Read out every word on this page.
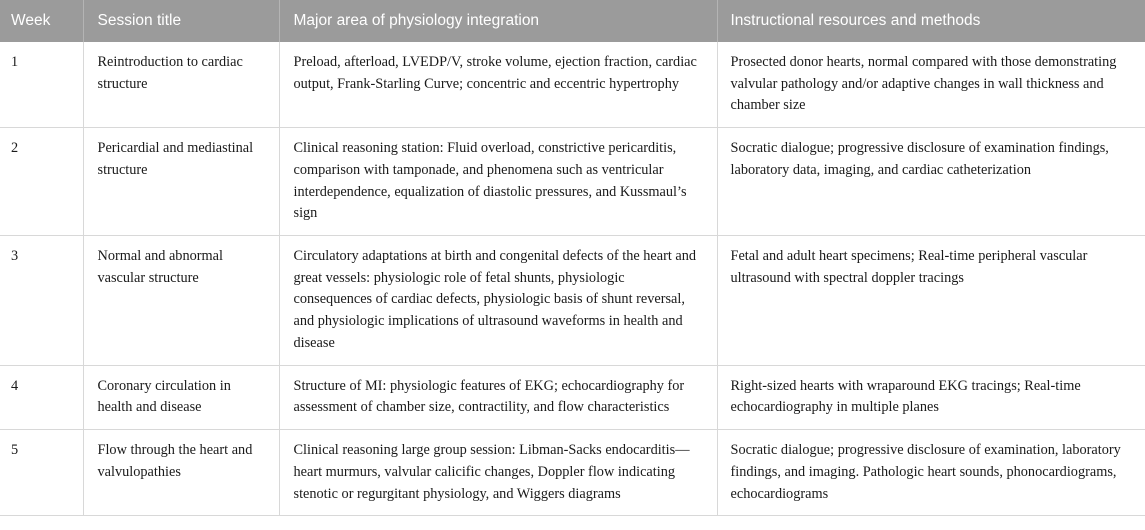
Week	Session title	Major area of physiology integration	Instructional resources and methods
1	Reintroduction to cardiac structure	Preload, afterload, LVEDP/V, stroke volume, ejection fraction, cardiac output, Frank-Starling Curve; concentric and eccentric hypertrophy	Prosected donor hearts, normal compared with those demonstrating valvular pathology and/or adaptive changes in wall thickness and chamber size
2	Pericardial and mediastinal structure	Clinical reasoning station: Fluid overload, constrictive pericarditis, comparison with tamponade, and phenomena such as ventricular interdependence, equalization of diastolic pressures, and Kussmaul’s sign	Socratic dialogue; progressive disclosure of examination findings, laboratory data, imaging, and cardiac catheterization
3	Normal and abnormal vascular structure	Circulatory adaptations at birth and congenital defects of the heart and great vessels: physiologic role of fetal shunts, physiologic consequences of cardiac defects, physiologic basis of shunt reversal, and physiologic implications of ultrasound waveforms in health and disease	Fetal and adult heart specimens; Real-time peripheral vascular ultrasound with spectral doppler tracings
4	Coronary circulation in health and disease	Structure of MI: physiologic features of EKG; echocardiography for assessment of chamber size, contractility, and flow characteristics	Right-sized hearts with wraparound EKG tracings; Real-time echocardiography in multiple planes
5	Flow through the heart and valvulopathies	Clinical reasoning large group session: Libman-Sacks endocarditis—heart murmurs, valvular calicific changes, Doppler flow indicating stenotic or regurgitant physiology, and Wiggers diagrams	Socratic dialogue; progressive disclosure of examination, laboratory findings, and imaging. Pathologic heart sounds, phonocardiograms, echocardiograms
